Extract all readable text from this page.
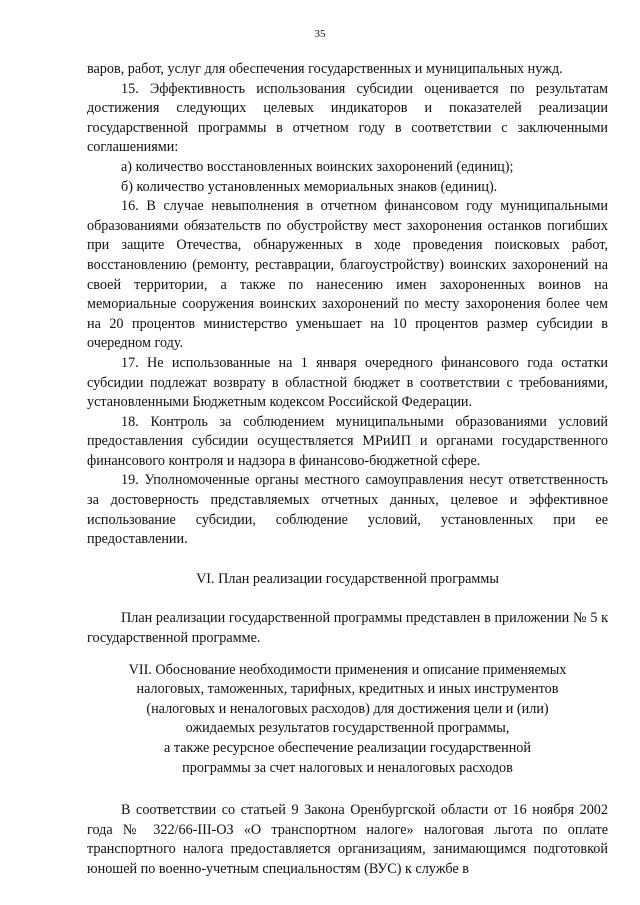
35

варов, работ, услуг для обеспечения государственных и муниципальных нужд.

15. Эффективность использования субсидии оценивается по результатам достижения следующих целевых индикаторов и показателей реализации государственной программы в отчетном году в соответствии с заключенными соглашениями:

а) количество восстановленных воинских захоронений (единиц);

б) количество установленных мемориальных знаков (единиц).

16. В случае невыполнения в отчетном финансовом году муниципальными образованиями обязательств по обустройству мест захоронения останков погибших при защите Отечества, обнаруженных в ходе проведения поисковых работ, восстановлению (ремонту, реставрации, благоустройству) воинских захоронений на своей территории, а также по нанесению имен захороненных воинов на мемориальные сооружения воинских захоронений по месту захоронения более чем на 20 процентов министерство уменьшает на 10 процентов размер субсидии в очередном году.

17. Не использованные на 1 января очередного финансового года остатки субсидии подлежат возврату в областной бюджет в соответствии с требованиями, установленными Бюджетным кодексом Российской Федерации.

18. Контроль за соблюдением муниципальными образованиями условий предоставления субсидии осуществляется МРиИП и органами государственного финансового контроля и надзора в финансово-бюджетной сфере.

19. Уполномоченные органы местного самоуправления несут ответственность за достоверность представляемых отчетных данных, целевое и эффективное использование субсидии, соблюдение условий, установленных при ее предоставлении.

VI. План реализации государственной программы

План реализации государственной программы представлен в приложении № 5 к государственной программе.

VII. Обоснование необходимости применения и описание применяемых

налоговых, таможенных, тарифных, кредитных и иных инструментов

(налоговых и неналоговых расходов) для достижения цели и (или)

ожидаемых результатов государственной программы,

а также ресурсное обеспечение реализации государственной

программы за счет налоговых и неналоговых расходов

В соответствии со статьей 9 Закона Оренбургской области от 16 ноября 2002 года № 322/66-III-ОЗ «О транспортном налоге» налоговая льгота по оплате транспортного налога предоставляется организациям, занимающимся подготовкой юношей по военно-учетным специальностям (ВУС) к службе в
